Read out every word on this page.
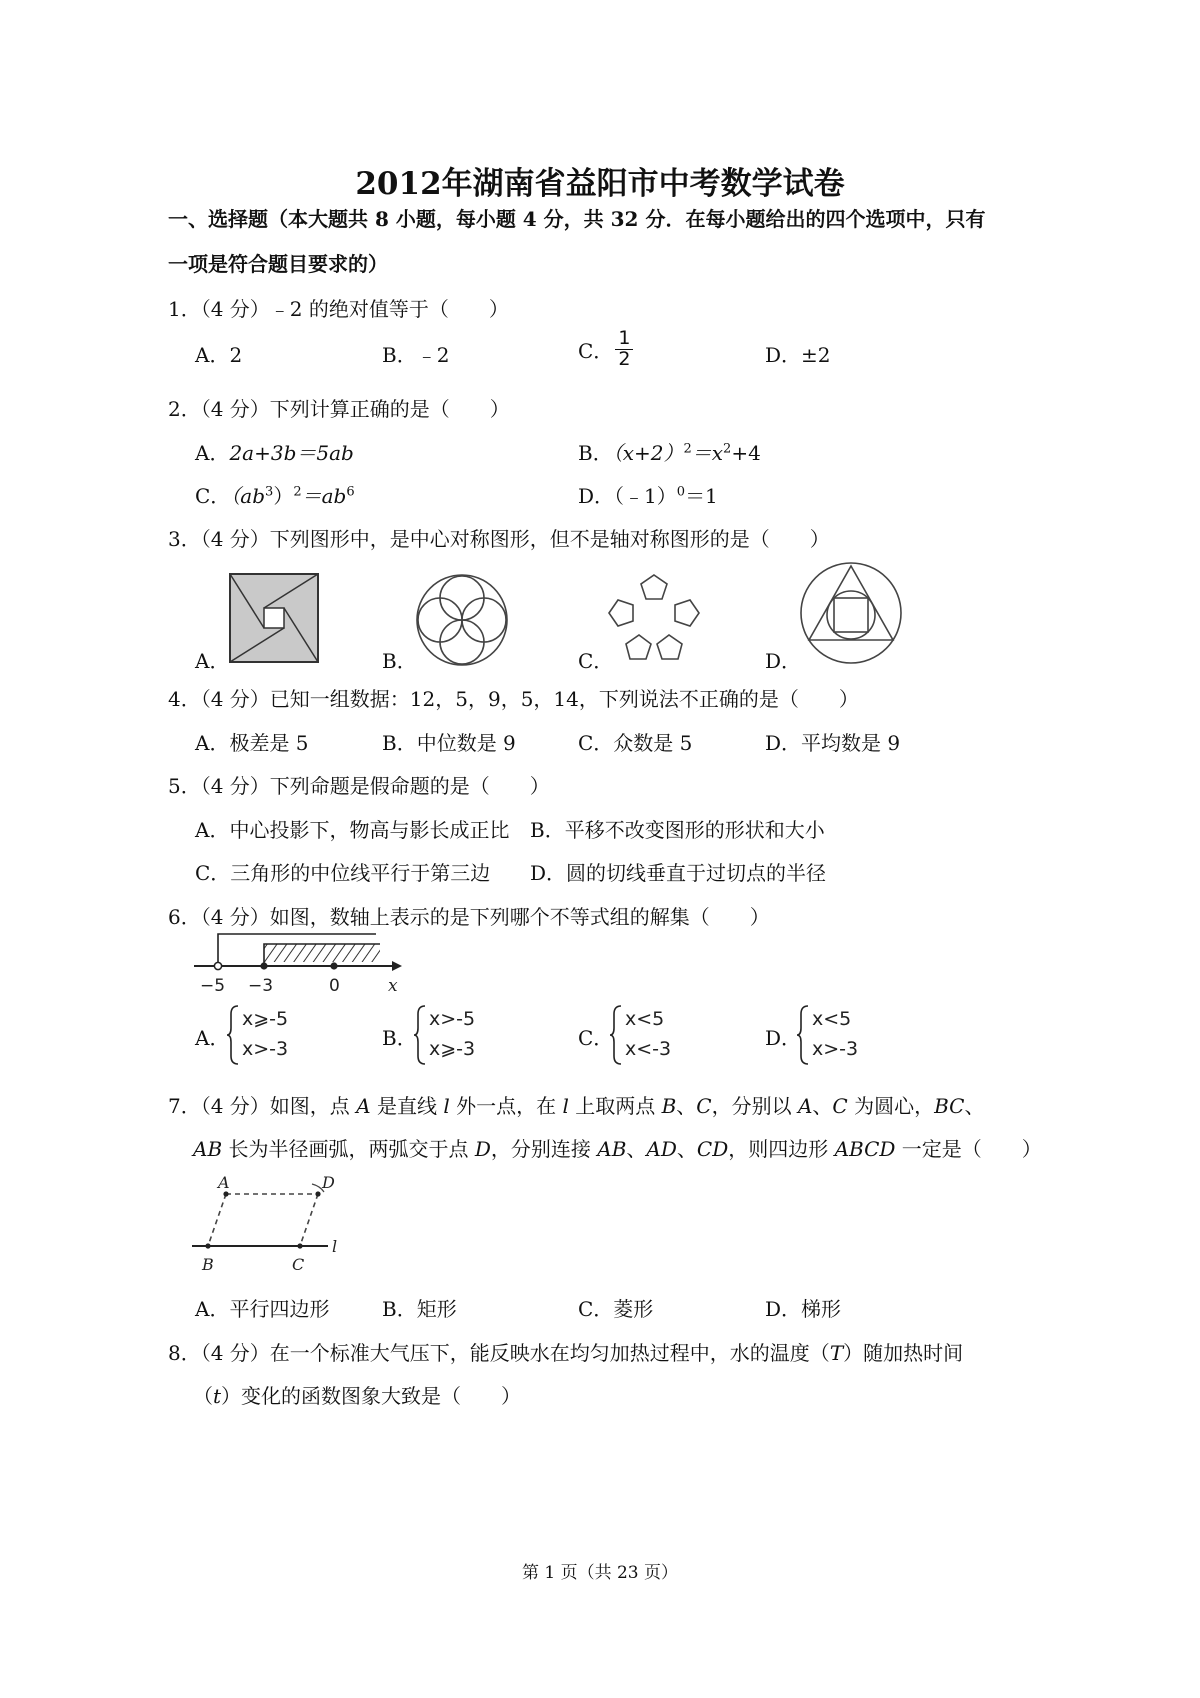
2012年湖南省益阳市中考数学试卷
一、选择题（本大题共 8 小题，每小题 4 分，共 32 分．在每小题给出的四个选项中，只有
一项是符合题目要求的）
1．（4 分）﹣2 的绝对值等于（　　）
A．2	B．﹣2	C． $\frac{1}{2}$	D．±2
2．（4 分）下列计算正确的是（　　）
A．2a+3b＝5ab	B．$(x+2)^2=x^2+4$
C．$(ab^3)^2=ab^6$	D．（﹣1）$^0$＝1
3．（4 分）下列图形中，是中心对称图形，但不是轴对称图形的是（　　）
A．	B．	C．	D．
4．（4 分）已知一组数据：12，5，9，5，14，下列说法不正确的是（　　）
A．极差是 5	B．中位数是 9	C．众数是 5	D．平均数是 9
5．（4 分）下列命题是假命题的是（　　）
A．中心投影下，物高与影长成正比 B．平移不改变图形的形状和大小
C．三角形的中位线平行于第三边 D．圆的切线垂直于过切点的半径
6．（4 分）如图，数轴上表示的是下列哪个不等式组的解集（　　）
−5 −3	0	x
A．
x⩾-5
x>-3	B．
x>-5
x⩾-3	C．
x<5
x<-3	D．
x<5
x>-3
7．（4 分）如图，点 A 是直线 l 外一点，在 l 上取两点 B、C，分别以 A、C 为圆心，BC、
AB 长为半径画弧，两弧交于点 D，分别连接 AB、AD、CD，则四边形 ABCD 一定是（　　）
A	D
B	C
l
A．平行四边形	B．矩形	C．菱形	D．梯形
8．（4 分）在一个标准大气压下，能反映水在均匀加热过程中，水的温度（T）随加热时间
（t）变化的函数图象大致是（　　）
第 1 页（共 23 页）
